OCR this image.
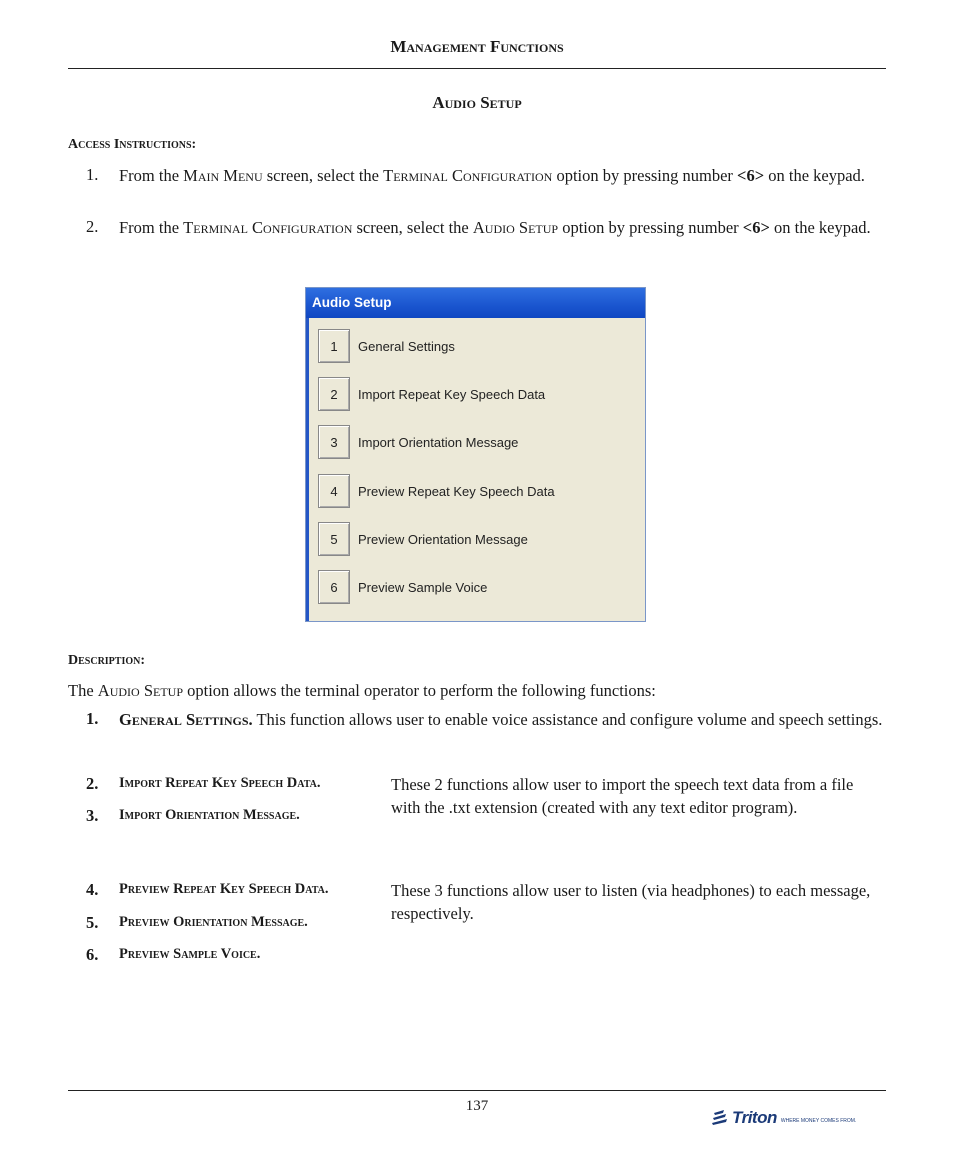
Management Functions
Audio Setup
Access Instructions:
1. From the Main Menu screen, select the Terminal Configuration option by pressing number <6> on the keypad.
2. From the Terminal Configuration screen, select the Audio Setup option by pressing number <6> on the keypad.
Audio Setup
1	General Settings
2	Import Repeat Key Speech Data
3	Import Orientation Message
4	Preview Repeat Key Speech Data
5	Preview Orientation Message
6	Preview Sample Voice
Description:
The Audio Setup option allows the terminal operator to perform the following functions:
1. General Settings. This function allows user to enable voice assistance and configure volume and speech settings.
2. Import Repeat Key Speech Data.
3. Import Orientation Message.
These 2 functions allow user to import the speech text data from a file with the .txt extension (created with any text editor program).
4. Preview Repeat Key Speech Data.
5. Preview Orientation Message.
6. Preview Sample Voice.
These 3 functions allow user to listen (via headphones) to each message, respectively.
137
Triton WHERE MONEY COMES FROM.
